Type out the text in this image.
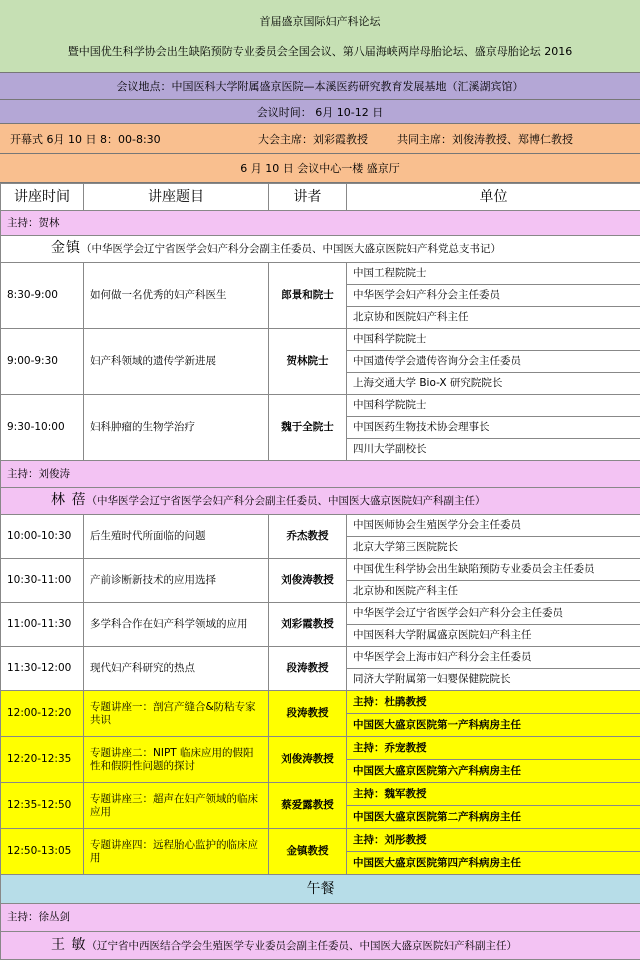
首届盛京国际妇产科论坛
暨中国优生科学协会出生缺陷预防专业委员会全国会议、第八届海峡两岸母胎论坛、盛京母胎论坛 2016
会议地点：中国医科大学附属盛京医院—本溪医药研究教育发展基地（汇溪湖宾馆）
会议时间： 6月 10-12 日
开幕式 6月 10 日 8：00-8:30	大会主席：刘彩霞教授	共同主席：刘俊涛教授、郑博仁教授
6 月 10 日 会议中心一楼 盛京厅
讲座时间	讲座题目	讲者	单位
主持：贺林			
金镇（中华医学会辽宁省医学会妇产科分会副主任委员、中国医大盛京医院妇产科党总支书记）			
8:30-9:00	如何做一名优秀的妇产科医生	郎景和院士	中国工程院院士
			中华医学会妇产科分会主任委员
			北京协和医院妇产科主任
9:00-9:30	妇产科领域的遗传学新进展	贺林院士	中国科学院院士
			中国遗传学会遗传咨询分会主任委员
			上海交通大学 Bio-X 研究院院长
9:30-10:00	妇科肿瘤的生物学治疗	魏于全院士	中国科学院院士
			中国医药生物技术协会理事长
			四川大学副校长
主持：刘俊涛			
林 蓓（中华医学会辽宁省医学会妇产科分会副主任委员、中国医大盛京医院妇产科副主任）			
10:00-10:30	后生殖时代所面临的问题	乔杰教授	中国医师协会生殖医学分会主任委员
			北京大学第三医院院长
10:30-11:00	产前诊断新技术的应用选择	刘俊涛教授	中国优生科学协会出生缺陷预防专业委员会主任委员
			北京协和医院产科主任
11:00-11:30	多学科合作在妇产科学领域的应用	刘彩霞教授	中华医学会辽宁省医学会妇产科分会主任委员
			中国医科大学附属盛京医院妇产科主任
11:30-12:00	现代妇产科研究的热点	段涛教授	中华医学会上海市妇产科分会主任委员
			同济大学附属第一妇婴保健院院长
12:00-12:20	专题讲座一：剖宫产缝合&防粘专家共识	段涛教授	主持：杜鹃教授
			中国医大盛京医院第一产科病房主任
12:20-12:35	专题讲座二：NIPT 临床应用的假阳性和假阴性问题的探讨	刘俊涛教授	主持：乔宠教授
			中国医大盛京医院第六产科病房主任
12:35-12:50	专题讲座三：超声在妇产领域的临床应用	蔡爱露教授	主持：魏军教授
			中国医大盛京医院第二产科病房主任
12:50-13:05	专题讲座四：远程胎心监护的临床应用	金镇教授	主持：刘彤教授
			中国医大盛京医院第四产科病房主任
午餐			
主持：徐丛剑			
王 敏（辽宁省中西医结合学会生殖医学专业委员会副主任委员、中国医大盛京医院妇产科副主任）			
